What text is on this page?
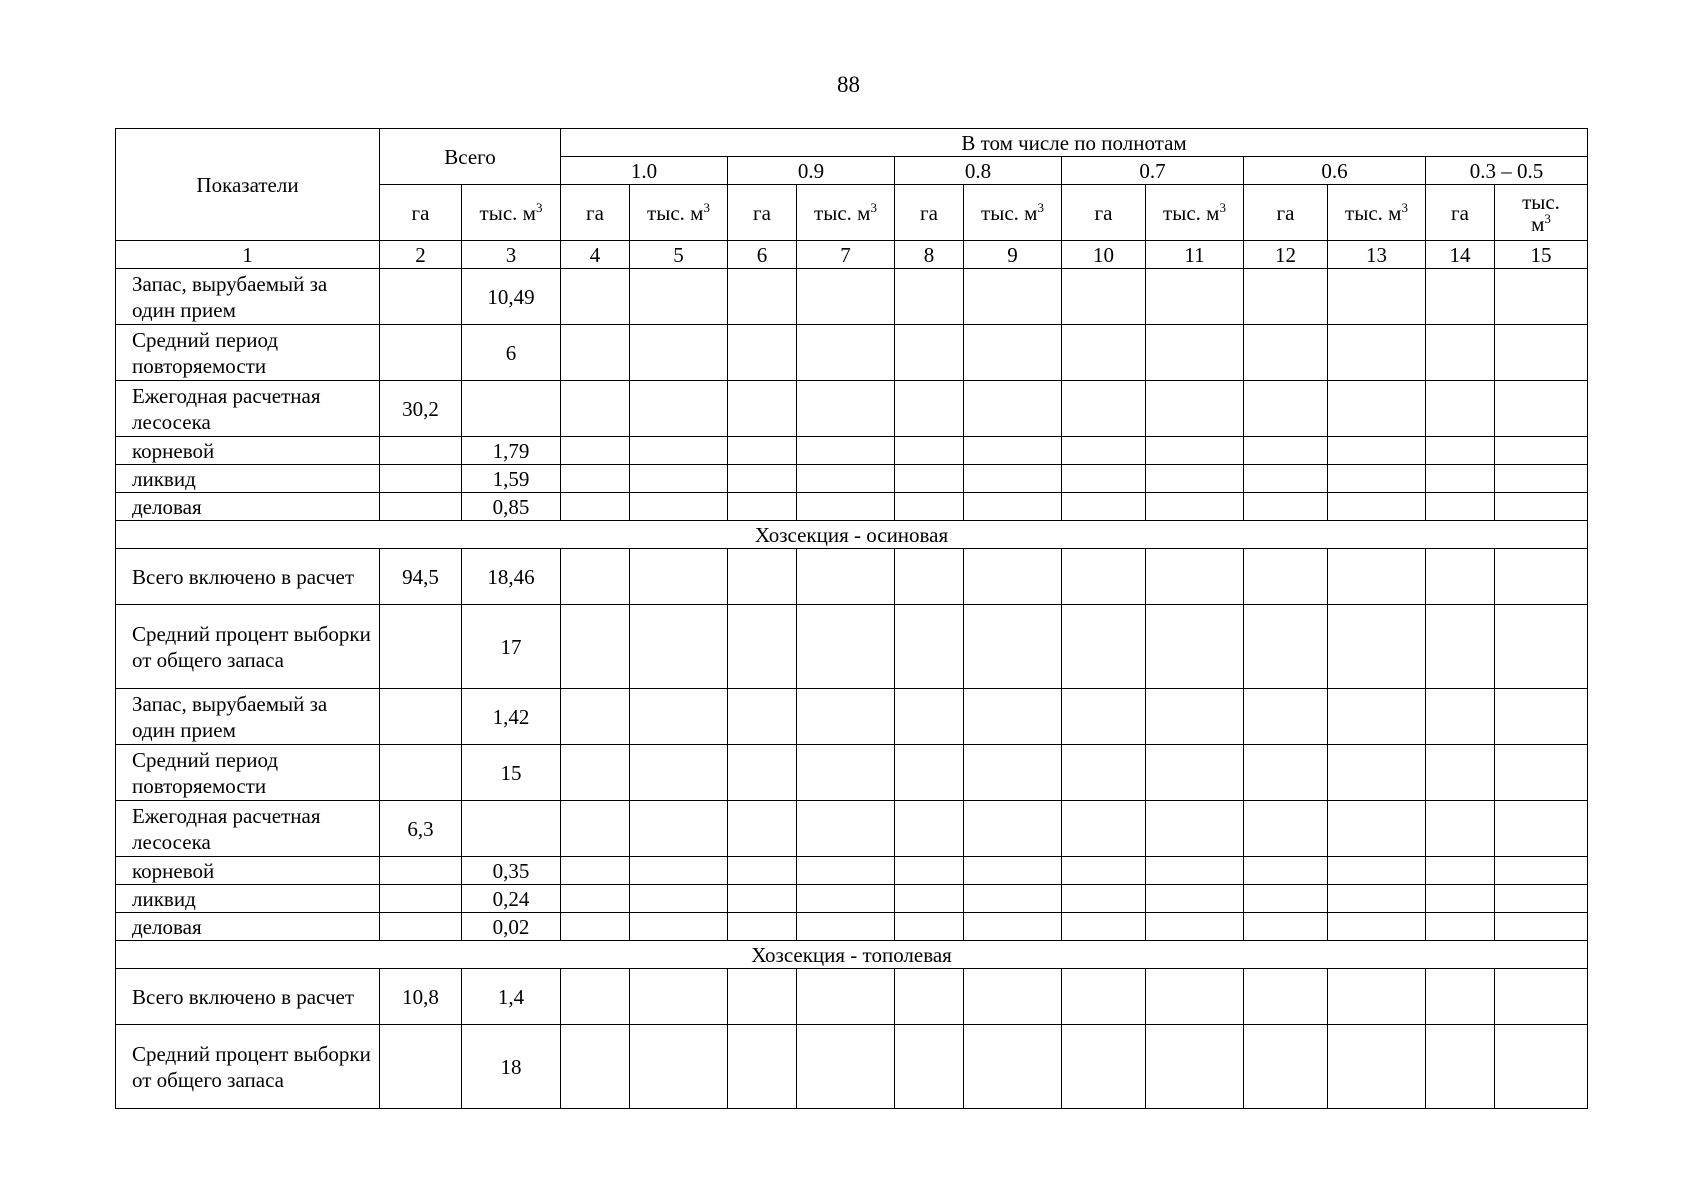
88
Показатели	Всего		В том числе по полнотам											
			1.0		0.9		0.8		0.7		0.6		0.3 – 0.5	
	га	тыс. $м^3$	га	тыс. $м^3$	га	тыс. $м^3$	га	тыс. $м^3$	га	тыс. $м^3$	га	тыс. $м^3$	га	тыс.
$м^3$
1	2	3	4	5	6	7	8	9	10	11	12	13	14	15
Запас, вырубаемый за один прием		10,49												
Средний период повторяемости		6												
Ежегодная расчетная лесосека	30,2													
корневой		1,79												
ликвид		1,59												
деловая		0,85												
Хозсекция - осиновая														
Всего включено в расчет	94,5	18,46												
Средний процент выборки от общего запаса		17												
Запас, вырубаемый за один прием		1,42												
Средний период повторяемости		15												
Ежегодная расчетная лесосека	6,3													
корневой		0,35												
ликвид		0,24												
деловая		0,02												
Хозсекция - тополевая														
Всего включено в расчет	10,8	1,4												
Средний процент выборки от общего запаса		18												
